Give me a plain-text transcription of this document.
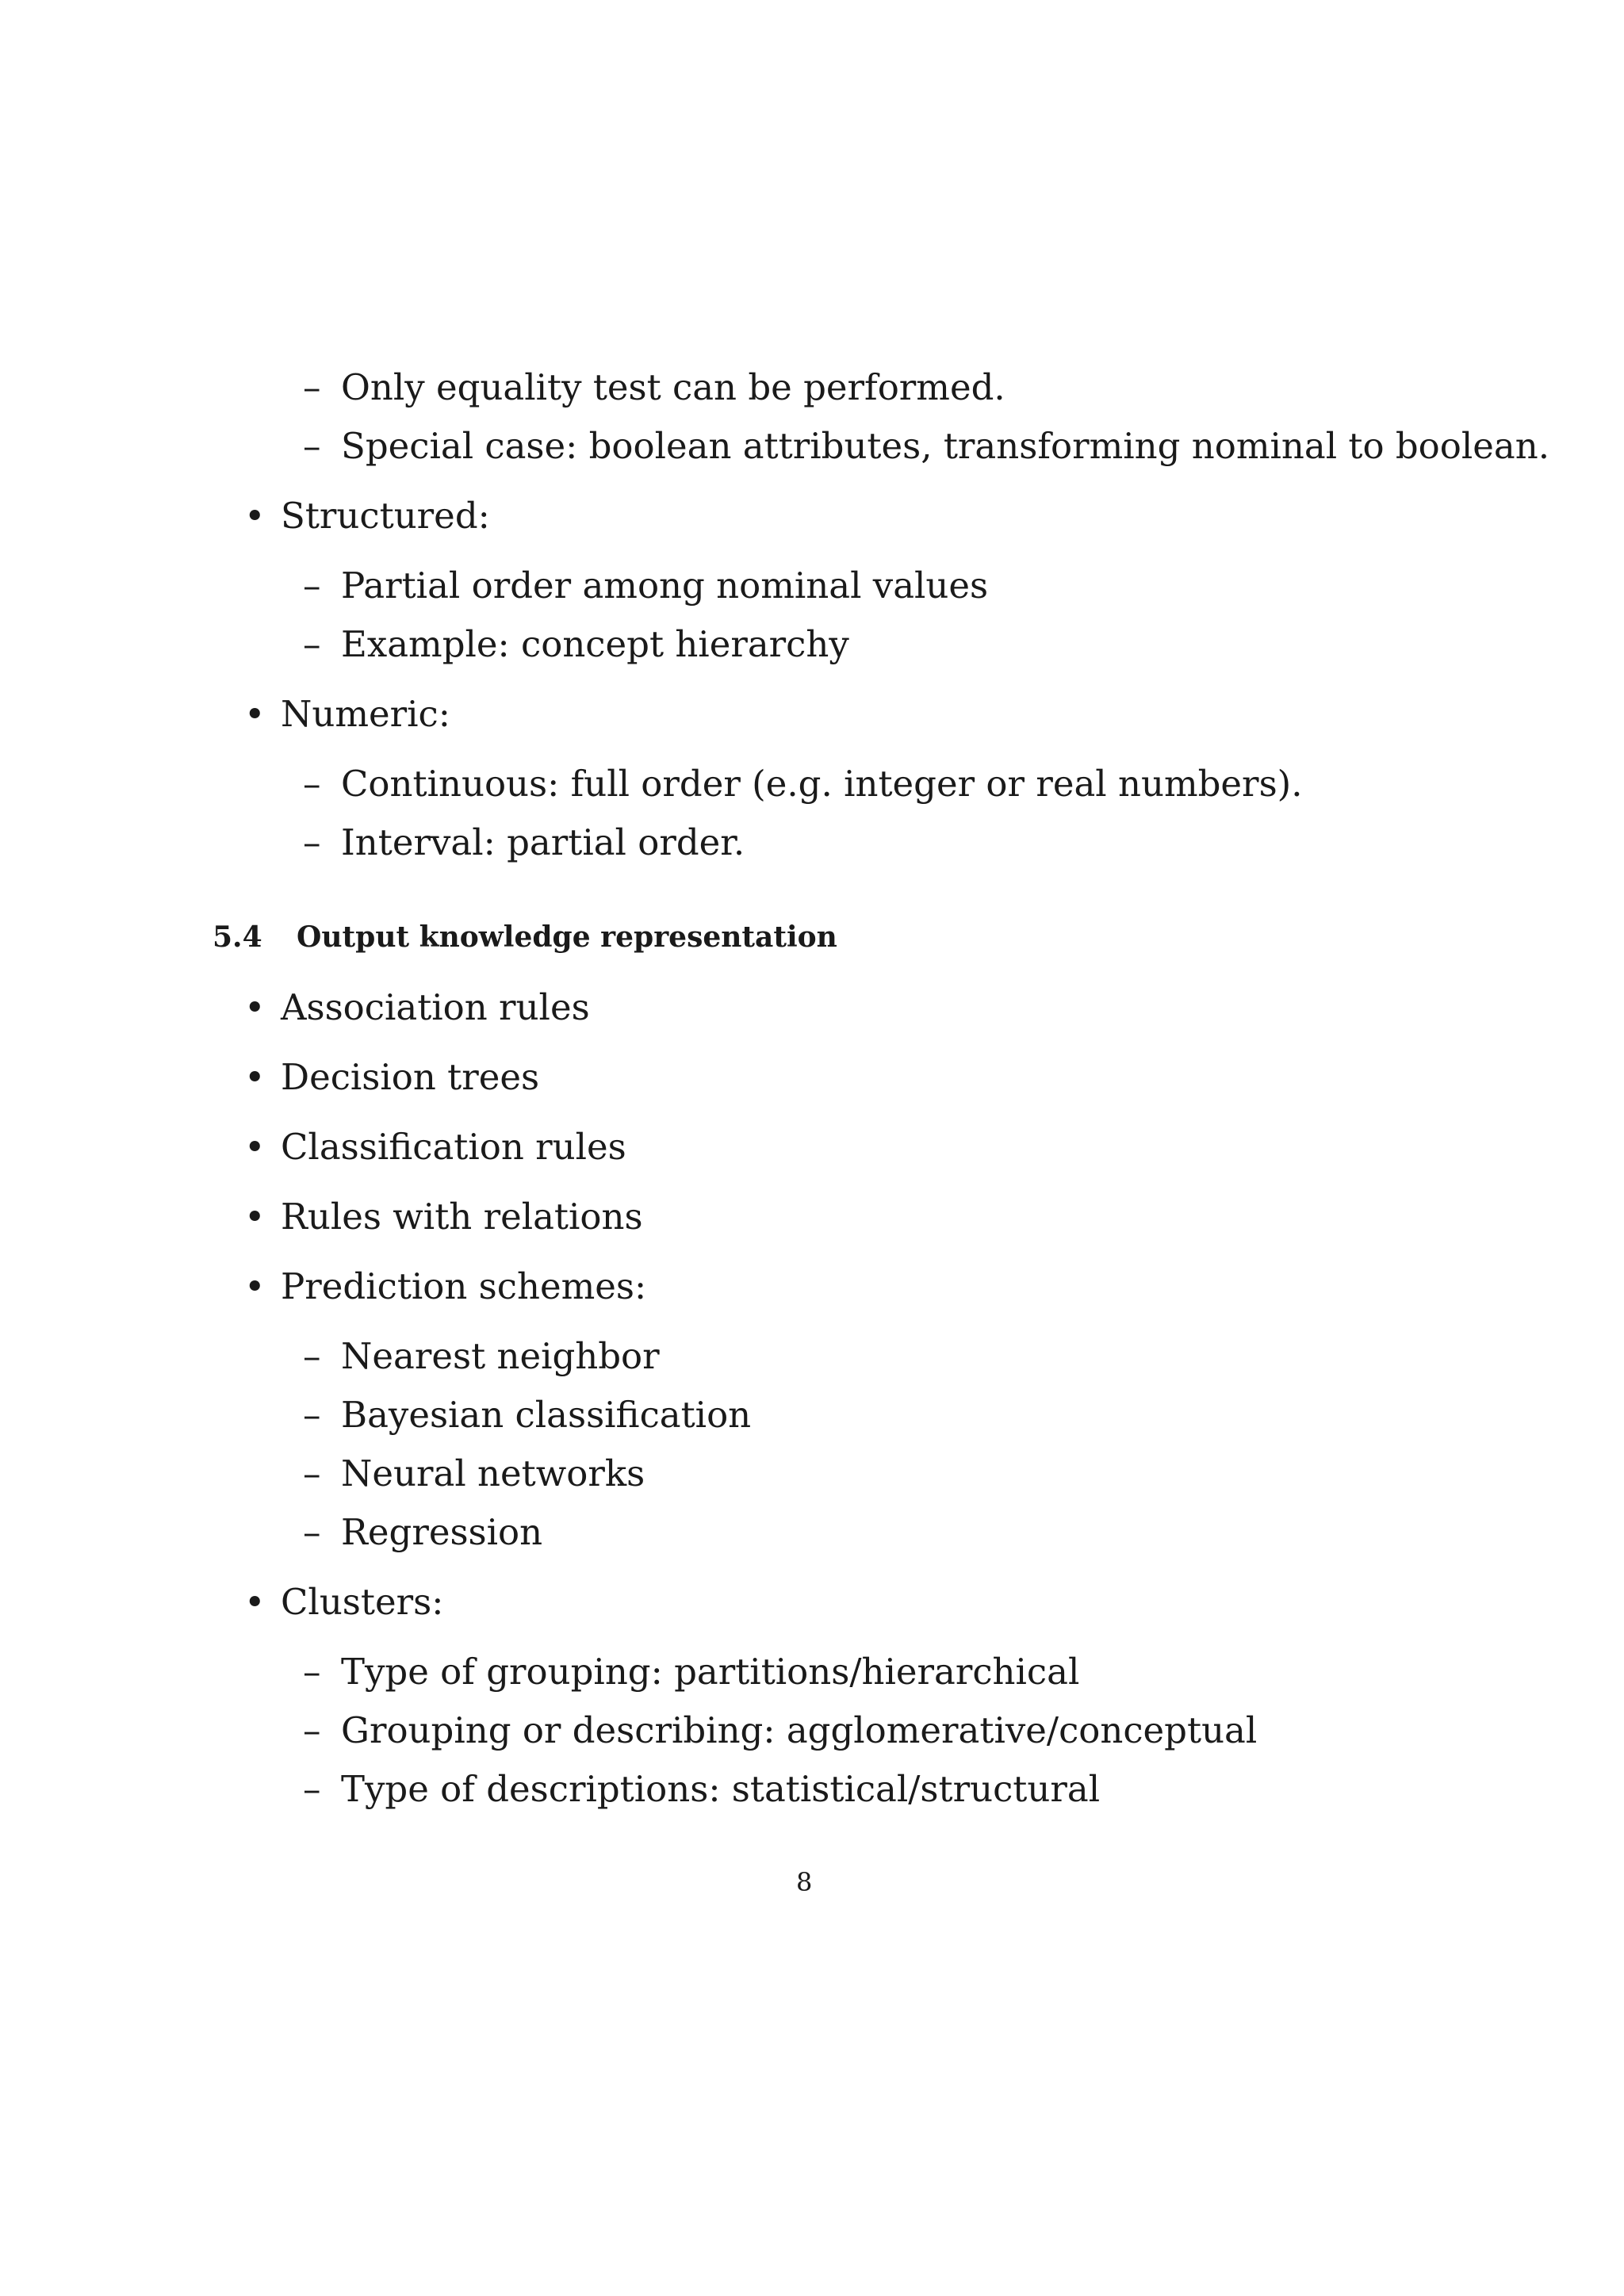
– Only equality test can be performed.
– Special case: boolean attributes, transforming nominal to boolean.
• Structured:
– Partial order among nominal values
– Example: concept hierarchy
• Numeric:
– Continuous: full order (e.g. integer or real numbers).
– Interval: partial order.
5.4 Output knowledge representation
• Association rules
• Decision trees
• Classification rules
• Rules with relations
• Prediction schemes:
– Nearest neighbor
– Bayesian classification
– Neural networks
– Regression
• Clusters:
– Type of grouping: partitions/hierarchical
– Grouping or describing: agglomerative/conceptual
– Type of descriptions: statistical/structural
8
